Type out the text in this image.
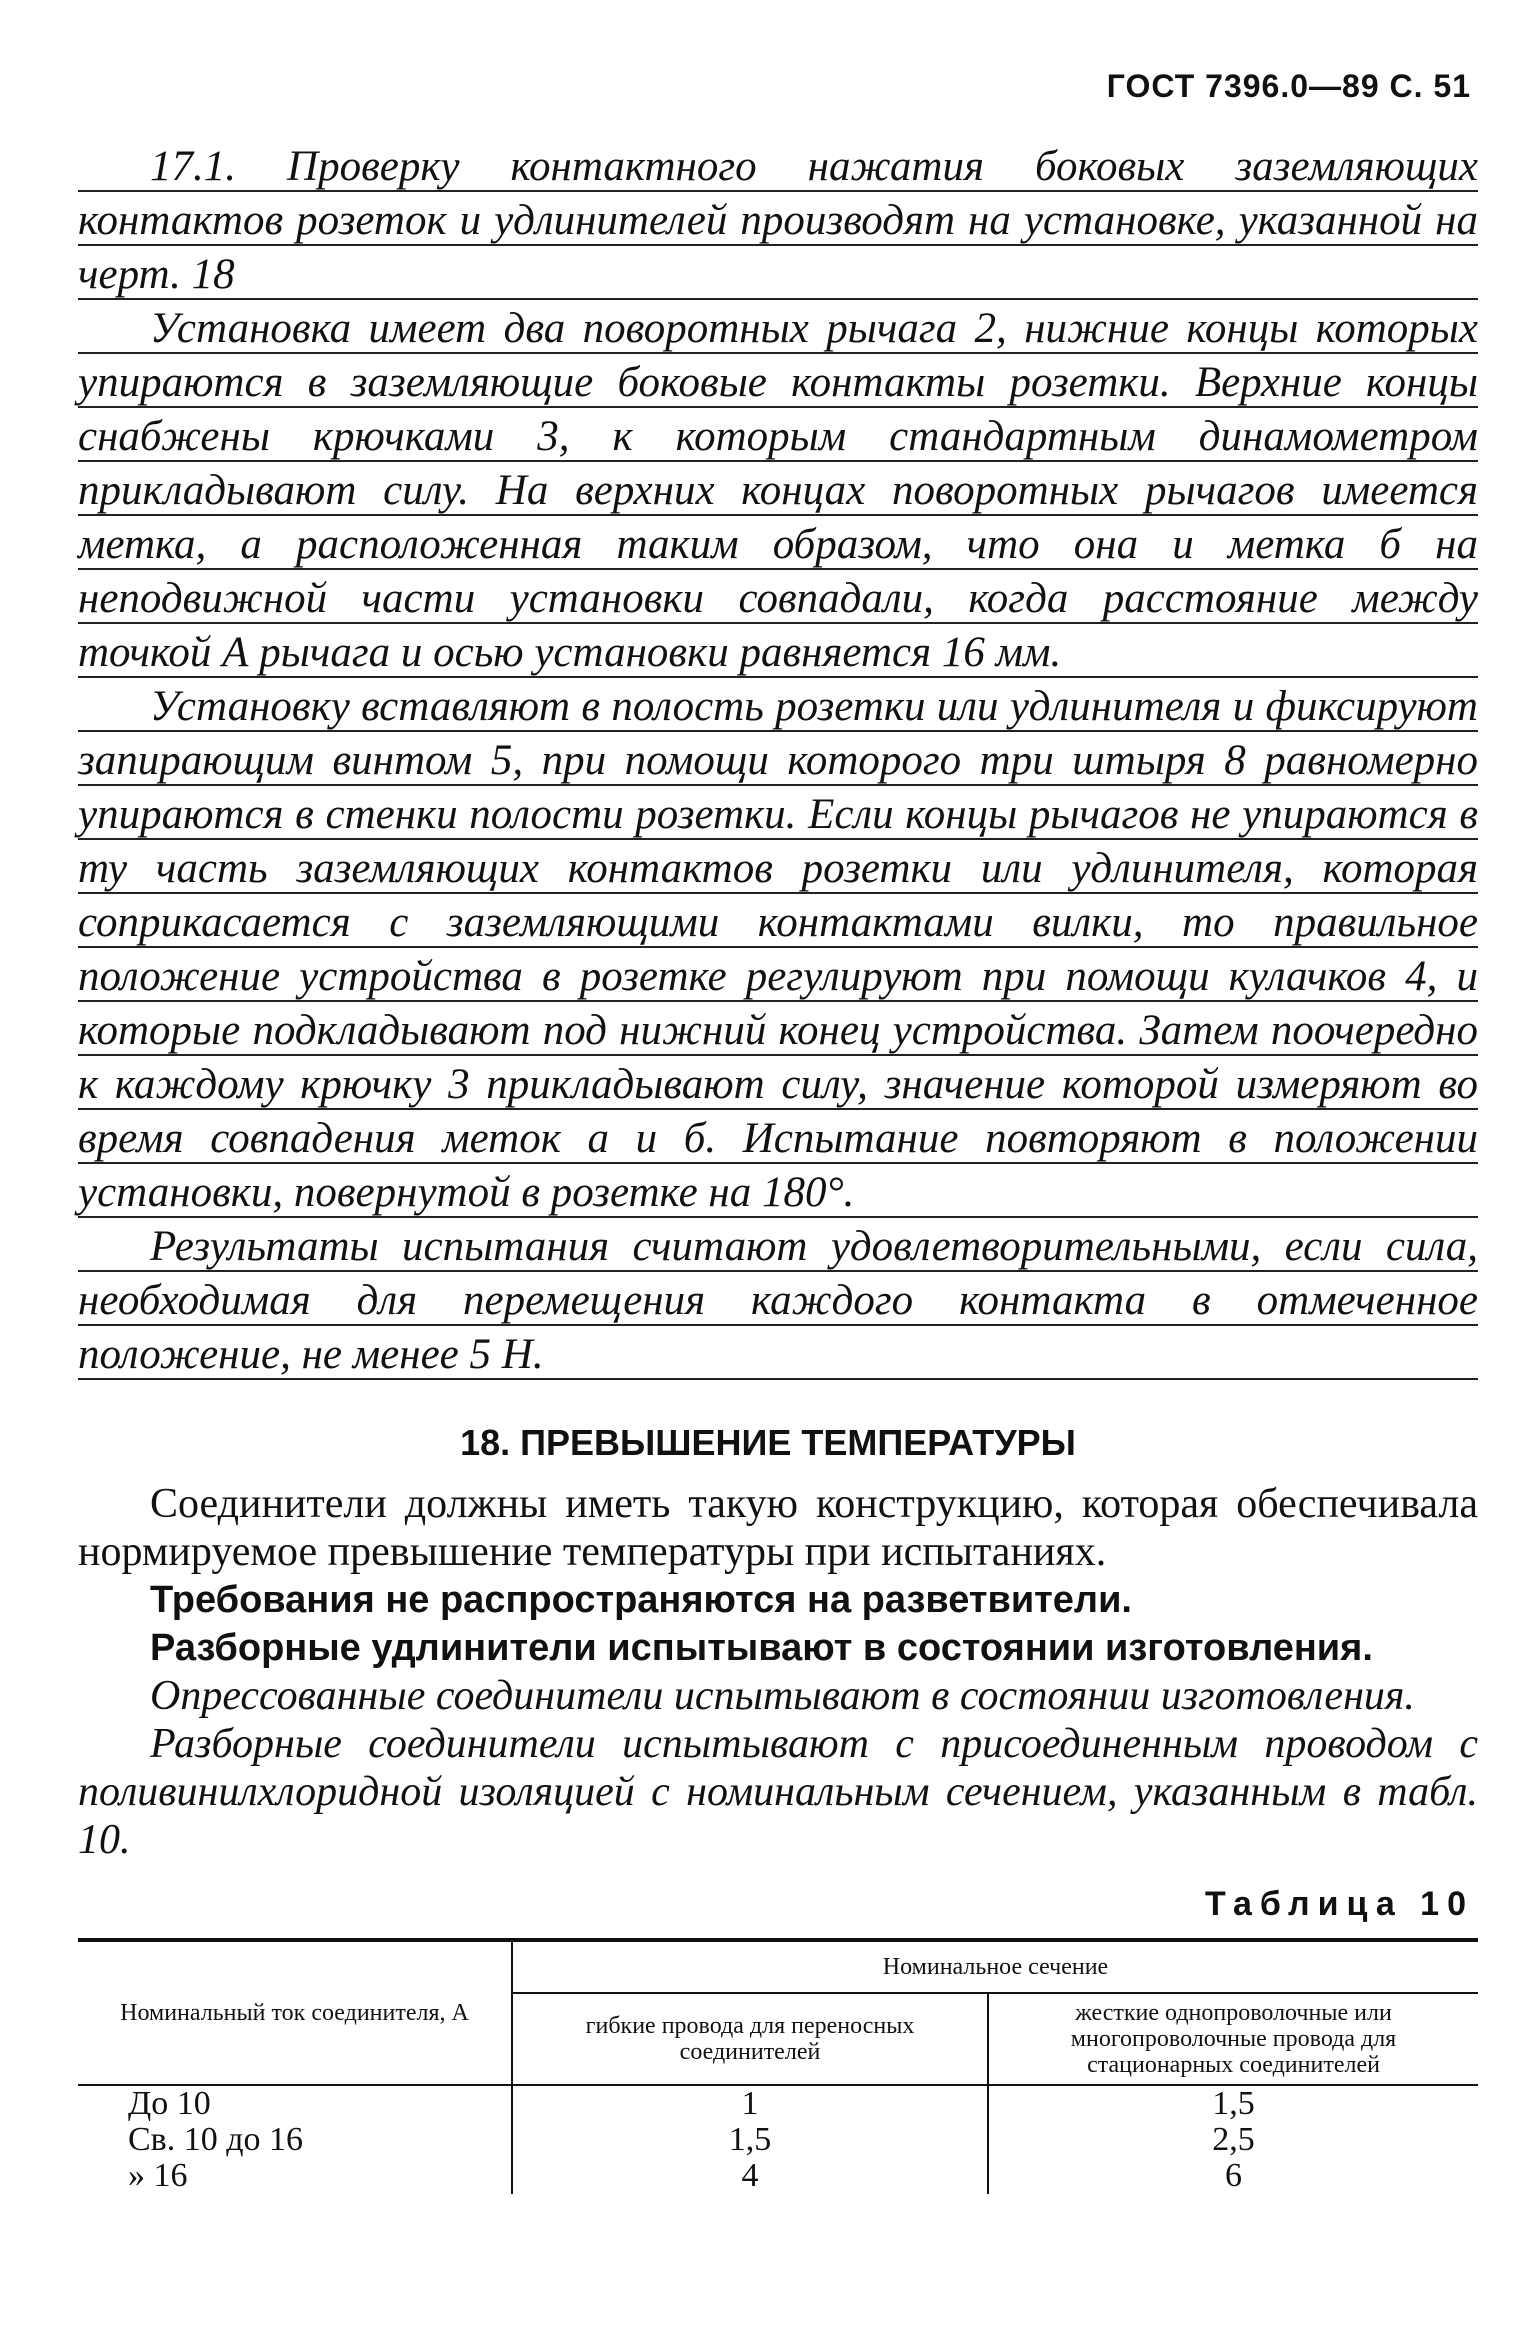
ГОСТ 7396.0—89 С. 51

17.1. Проверку контактного нажатия боковых заземляющих контактов розеток и удлинителей производят на установке, указанной на черт. 18

Установка имеет два поворотных рычага 2, нижние концы которых упираются в заземляющие боковые контакты розетки. Верхние концы снабжены крючками 3, к которым стандартным динамометром прикладывают силу. На верхних концах поворотных рычагов имеется метка, а расположенная таким образом, что она и метка б на неподвижной части установки совпадали, когда расстояние между точкой А рычага и осью установки равняется 16 мм.

Установку вставляют в полость розетки или удлинителя и фиксируют запирающим винтом 5, при помощи которого три штыря 8 равномерно упираются в стенки полости розетки. Если концы рычагов не упираются в ту часть заземляющих контактов розетки или удлинителя, которая соприкасается с заземляющими контактами вилки, то правильное положение устройства в розетке регулируют при помощи кулачков 4, и которые подкладывают под нижний конец устройства. Затем поочередно к каждому крючку 3 прикладывают силу, значение которой измеряют во время совпадения меток а и б. Испытание повторяют в положении установки, повернутой в розетке на 180°.

Результаты испытания считают удовлетворительными, если сила, необходимая для перемещения каждого контакта в отмеченное положение, не менее 5 Н.

18. ПРЕВЫШЕНИЕ ТЕМПЕРАТУРЫ

Соединители должны иметь такую конструкцию, которая обеспечивала нормируемое превышение температуры при испытаниях.

Требования не распространяются на разветвители.

Разборные удлинители испытывают в состоянии изготовления.

Опрессованные соединители испытывают в состоянии изготовления.

Разборные соединители испытывают с присоединенным проводом с поливинилхлоридной изоляцией с номинальным сечением, указанным в табл. 10.

Таблица 10
Номинальный ток соединителя, А	Номинальное сечение	
	гибкие провода для переносных соединителей	жесткие однопроволочные или многопроволочные провода для стационарных соединителей
До 10	1	1,5
Св. 10 до 16	1,5	2,5
» 16	4	6
